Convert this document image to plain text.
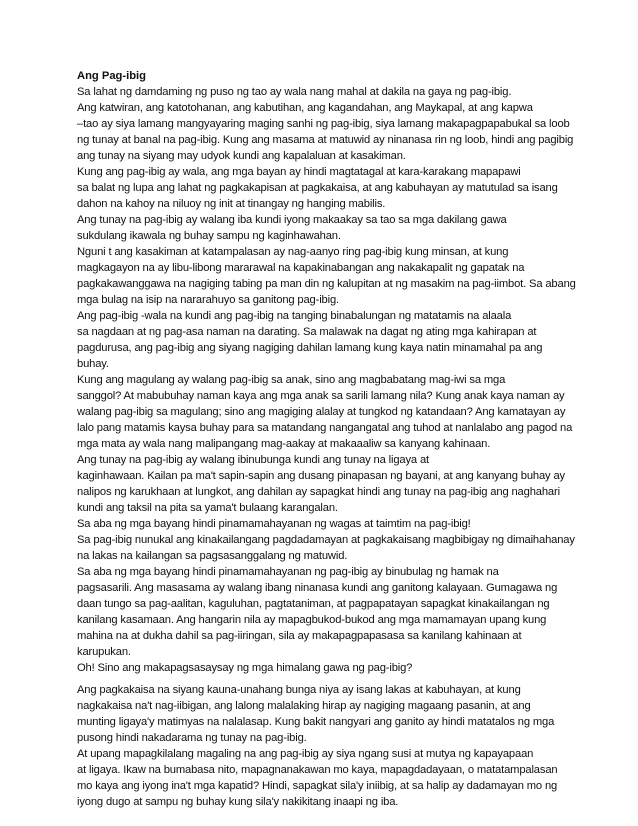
Ang Pag-ibig
Sa lahat ng damdaming ng puso ng tao ay wala nang mahal at dakila na gaya ng pag-ibig.
Ang katwiran, ang katotohanan, ang kabutihan, ang kagandahan, ang Maykapal, at ang kapwa
–tao ay siya lamang mangyayaring maging sanhi ng pag-ibig, siya lamang makapagpapabukal sa loob
ng tunay at banal na pag-ibig. Kung ang masama at matuwid ay ninanasa rin ng loob, hindi ang pagibig
ang tunay na siyang may udyok kundi ang kapalaluan at kasakiman.
Kung ang pag-ibig ay wala, ang mga bayan ay hindi magtatagal at kara-karakang mapapawi
sa balat ng lupa ang lahat ng pagkakapisan at pagkakaisa, at ang kabuhayan ay matutulad sa isang
dahon na kahoy na niluoy ng init at tinangay ng hanging mabilis.
Ang tunay na pag-ibig ay walang iba kundi iyong makaakay sa tao sa mga dakilang gawa
sukdulang ikawala ng buhay sampu ng kaginhawahan.
Nguni t ang kasakiman at katampalasan ay nag-aanyo ring pag-ibig kung minsan, at kung
magkagayon na ay libu-libong mararawal na kapakinabangan ang nakakapalit ng gapatak na
pagkakawanggawa na nagiging tabing pa man din ng kalupitan at ng masakim na pag-iimbot. Sa abang
mga bulag na isip na nararahuyo sa ganitong pag-ibig.
Ang pag-ibig -wala na kundi ang pag-ibig na tanging binabalungan ng matatamis na alaala
sa nagdaan at ng pag-asa naman na darating. Sa malawak na dagat ng ating mga kahirapan at
pagdurusa, ang pag-ibig ang siyang nagiging dahilan lamang kung kaya natin minamahal pa ang
buhay.
Kung ang magulang ay walang pag-ibig sa anak, sino ang magbabatang mag-iwi sa mga
sanggol? At mabubuhay naman kaya ang mga anak sa sarili lamang nila? Kung anak kaya naman ay
walang pag-ibig sa magulang; sino ang magiging alalay at tungkod ng katandaan? Ang kamatayan ay
lalo pang matamis kaysa buhay para sa matandang nangangatal ang tuhod at nanlalabo ang pagod na
mga mata ay wala nang malipangang mag-aakay at makaaaliw sa kanyang kahinaan.
Ang tunay na pag-ibig ay walang ibinubunga kundi ang tunay na ligaya at
kaginhawaan. Kailan pa ma't sapin-sapin ang dusang pinapasan ng bayani, at ang kanyang buhay ay
nalipos ng karukhaan at lungkot, ang dahilan ay sapagkat hindi ang tunay na pag-ibig ang naghahari
kundi ang taksil na pita sa yama't bulaang karangalan.
Sa aba ng mga bayang hindi pinamamahayanan ng wagas at taimtim na pag-ibig!
Sa pag-ibig nunukal ang kinakailangang pagdadamayan at pagkakaisang magbibigay ng dimaihahanay
na lakas na kailangan sa pagsasanggalang ng matuwid.
Sa aba ng mga bayang hindi pinamamahayanan ng pag-ibig ay binubulag ng hamak na
pagsasarili. Ang masasama ay walang ibang ninanasa kundi ang ganitong kalayaan. Gumagawa ng
daan tungo sa pag-aalitan, kaguluhan, pagtataniman, at pagpapatayan sapagkat kinakailangan ng
kanilang kasamaan. Ang hangarin nila ay mapagbukod-bukod ang mga mamamayan upang kung
mahina na at dukha dahil sa pag-iiringan, sila ay makapagpapasasa sa kanilang kahinaan at
karupukan.
Oh! Sino ang makapagsasaysay ng mga himalang gawa ng pag-ibig?
Ang pagkakaisa na siyang kauna-unahang bunga niya ay isang lakas at kabuhayan, at kung
nagkakaisa na't nag-iibigan, ang lalong malalaking hirap ay nagiging magaang pasanin, at ang
munting ligaya'y matimyas na nalalasap. Kung bakit nangyari ang ganito ay hindi matatalos ng mga
pusong hindi nakadarama ng tunay na pag-ibig.
At upang mapagkilalang magaling na ang pag-ibig ay siya ngang susi at mutya ng kapayapaan
at ligaya. Ikaw na bumabasa nito, mapagnanakawan mo kaya, mapagdadayaan, o matatampalasan
mo kaya ang iyong ina't mga kapatid? Hindi, sapagkat sila'y iniibig, at sa halip ay dadamayan mo ng
iyong dugo at sampu ng buhay kung sila'y nakikitang inaapi ng iba.
